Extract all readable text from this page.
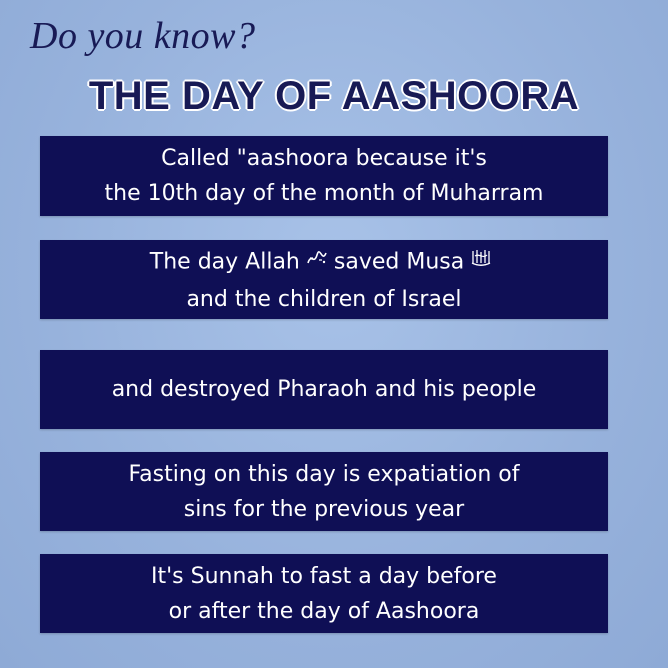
Do you know?
THE DAY OF AASHOORA
Called "aashoora because it's
the 10th day of the month of Muharram
The day Allah saved Musa
and the children of Israel
and destroyed Pharaoh and his people
Fasting on this day is expatiation of
sins for the previous year
It's Sunnah to fast a day before
or after the day of Aashoora
